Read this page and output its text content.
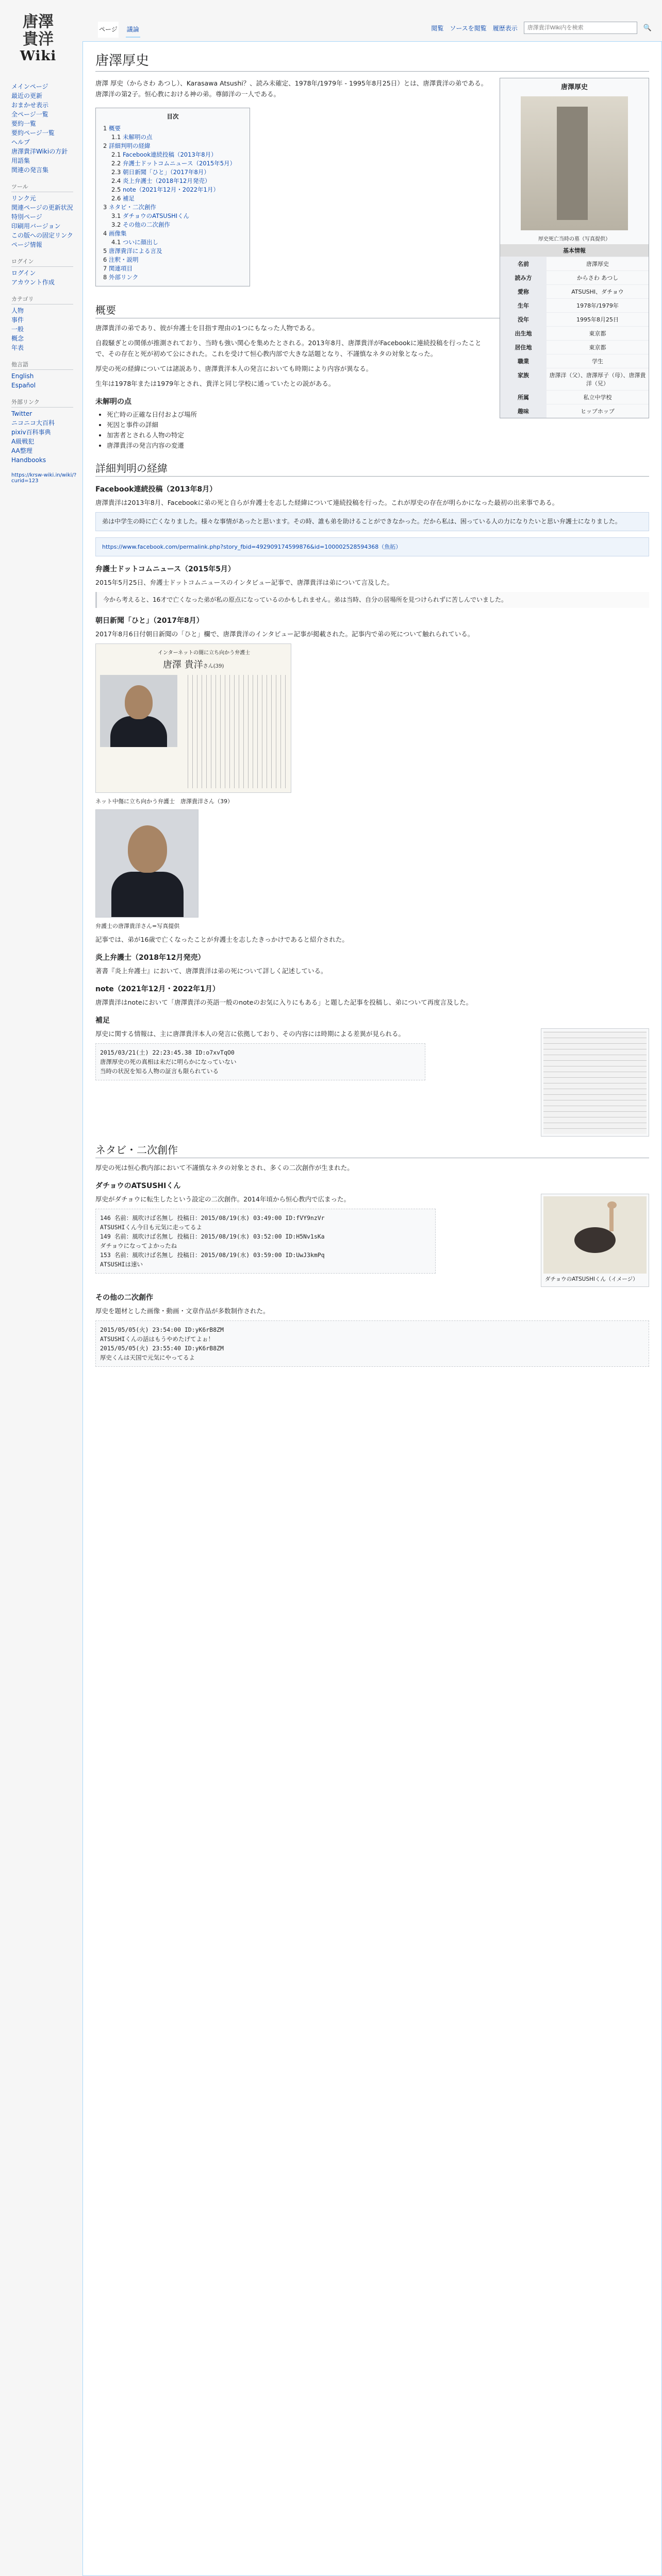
唐澤
貴洋
Wiki
メインページ
最近の更新
おまかせ表示
全ページ一覧
要約一覧
要約ページ一覧
ヘルプ
唐澤貴洋Wikiの方針
用語集
関連の発言集
ツール
リンク元
関連ページの更新状況
特別ページ
印刷用バージョン
この版への固定リンク
ページ情報
ログイン
ログイン
アカウント作成
カテゴリ
人物
事件
一般
概念
年表
他言語
English
Español
外部リンク
Twitter
ニコニコ大百科
pixiv百科事典
A級戦犯
AA整理
Handbooks
https://krsw-wiki.in/wiki/?curid=123
ページ 議論	閲覧 ソースを閲覧 履歴表示
唐澤貴洋Wiki内を検索	🔍
唐澤厚史
唐澤厚史
厚史死亡当時の墓（写真提供）
基本情報
名前	唐澤厚史
読み方	からさわ あつし
愛称	ATSUSHI、ダチョウ
生年	1978年/1979年
没年	1995年8月25日
出生地	東京都
居住地	東京都
職業	学生
家族	唐澤洋（父）、唐澤厚子（母）、唐澤貴洋（兄）
所属	私立中学校
趣味	ヒップホップ

唐澤 厚史（からさわ あつし）、Karasawa Atsushi？、読み未確定、1978年/1979年 - 1995年8月25日）とは、唐澤貴洋の弟である。唐澤洋の第2子。恒心教における神の弟。尊師洋の一人である。

目次
1 概要
1.1 未解明の点
2 詳細判明の経緯
2.1 Facebook連続投稿（2013年8月）
2.2 弁護士ドットコムニュース（2015年5月）
2.3 朝日新聞「ひと」（2017年8月）
2.4 炎上弁護士（2018年12月発売）
2.5 note（2021年12月・2022年1月）
2.6 補足
3 ネタビ・二次創作
3.1 ダチョウのATSUSHIくん
3.2 その他の二次創作
4 画像集
4.1 ついに顔出し
5 唐澤貴洋による言及
6 注釈・説明
7 関連項目
8 外部リンク
概要

唐澤貴洋の弟であり、彼が弁護士を目指す理由の1つにもなった人物である。

自殺騒ぎとの関係が推測されており、当時も強い関心を集めたとされる。2013年8月、唐澤貴洋がFacebookに連続投稿を行ったことで、その存在と死が初めて公にされた。これを受けて恒心教内部で大きな話題となり、不謹慎なネタの対象となった。

厚史の死の経緯については諸説あり、唐澤貴洋本人の発言においても時期により内容が異なる。

生年は1978年または1979年とされ、貴洋と同じ学校に通っていたとの説がある。

未解明の点
• 死亡時の正確な日付および場所
• 死因と事件の詳細
• 加害者とされる人物の特定
• 唐澤貴洋の発言内容の変遷
詳細判明の経緯
Facebook連続投稿（2013年8月）

唐澤貴洋は2013年8月、Facebookに弟の死と自らが弁護士を志した経緯について連続投稿を行った。これが厚史の存在が明らかになった最初の出来事である。

弟は中学生の時に亡くなりました。様々な事情があったと思います。その時、誰も弟を助けることができなかった。だから私は、困っている人の力になりたいと思い弁護士になりました。
https://www.facebook.com/permalink.php?story_fbid=492909174599876&id=100002528594368（魚拓）
弁護士ドットコムニュース（2015年5月）

2015年5月25日、弁護士ドットコムニュースのインタビュー記事で、唐澤貴洋は弟について言及した。

今から考えると、16才で亡くなった弟が私の原点になっているのかもしれません。弟は当時、自分の居場所を見つけられずに苦しんでいました。
朝日新聞「ひと」（2017年8月）

2017年8月6日付朝日新聞の「ひと」欄で、唐澤貴洋のインタビュー記事が掲載された。記事内で弟の死について触れられている。

インターネットの闇に立ち向かう弁護士
唐澤 貴洋さん(39)
ネット中傷に立ち向かう弁護士　唐澤貴洋さん（39）
弁護士の唐澤貴洋さん=写真提供

記事では、弟が16歳で亡くなったことが弁護士を志したきっかけであると紹介された。

炎上弁護士（2018年12月発売）

著書『炎上弁護士』において、唐澤貴洋は弟の死について詳しく記述している。

note（2021年12月・2022年1月）

唐澤貴洋はnoteにおいて「唐澤貴洋の英語一般のnoteのお気に入りにもある」と題した記事を投稿し、弟について再度言及した。

補足

厚史に関する情報は、主に唐澤貴洋本人の発言に依拠しており、その内容には時期による差異が見られる。

2015/03/21(土) 22:23:45.38 ID:o7xvTqO0
唐澤厚史の死の真相は未だに明らかになっていない
当時の状況を知る人物の証言も限られている
ネタビ・二次創作

厚史の死は恒心教内部において不謹慎なネタの対象とされ、多くの二次創作が生まれた。

ダチョウのATSUSHIくん
ダチョウのATSUSHIくん（イメージ）

厚史がダチョウに転生したという設定の二次創作。2014年頃から恒心教内で広まった。

146 名前：風吹けば名無し 投稿日：2015/08/19(水) 03:49:00 ID:fVY9nzVr
ATSUSHIくん今日も元気に走ってるよ
149 名前：風吹けば名無し 投稿日：2015/08/19(水) 03:52:00 ID:H5Nv1sKa
ダチョウになってよかったね
153 名前：風吹けば名無し 投稿日：2015/08/19(水) 03:59:00 ID:UwJ3kmPq
ATSUSHIは速い
その他の二次創作

厚史を題材とした画像・動画・文章作品が多数制作された。

2015/05/05(火) 23:54:00 ID:yK6rB8ZM
ATSUSHIくんの話はもうやめたげてよぉ！
2015/05/05(火) 23:55:40 ID:yK6rB8ZM
厚史くんは天国で元気にやってるよ
